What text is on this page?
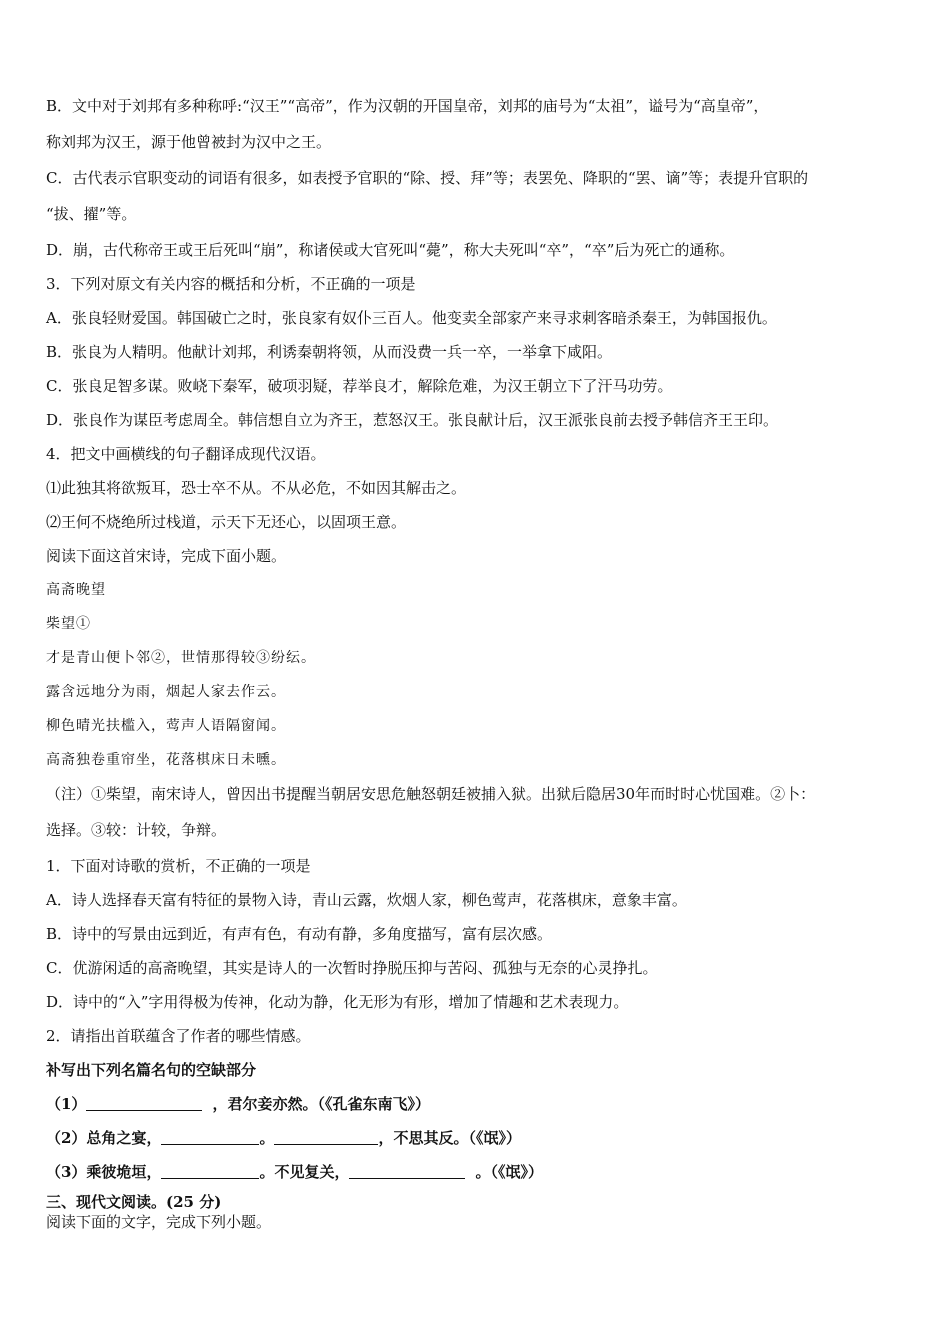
B．文中对于刘邦有多种称呼:“汉王”“高帝”，作为汉朝的开国皇帝，刘邦的庙号为“太祖”，谥号为“高皇帝”，

称刘邦为汉王，源于他曾被封为汉中之王。

C．古代表示官职变动的词语有很多，如表授予官职的“除、授、拜”等；表罢免、降职的“罢、谪”等；表提升官职的

“拔、擢”等。

D．崩，古代称帝王或王后死叫“崩”，称诸侯或大官死叫“薨”，称大夫死叫“卒”，“卒”后为死亡的通称。

3．下列对原文有关内容的概括和分析，不正确的一项是

A．张良轻财爱国。韩国破亡之时，张良家有奴仆三百人。他变卖全部家产来寻求刺客暗杀秦王，为韩国报仇。

B．张良为人精明。他献计刘邦，利诱秦朝将领，从而没费一兵一卒，一举拿下咸阳。

C．张良足智多谋。败峣下秦军，破项羽疑，荐举良才，解除危难，为汉王朝立下了汗马功劳。

D．张良作为谋臣考虑周全。韩信想自立为齐王，惹怒汉王。张良献计后，汉王派张良前去授予韩信齐王王印。

4．把文中画横线的句子翻译成现代汉语。

⑴此独其将欲叛耳，恐士卒不从。不从必危，不如因其解击之。

⑵王何不烧绝所过栈道，示天下无还心，以固项王意。

阅读下面这首宋诗，完成下面小题。

高斋晚望

柴望①

才是青山便卜邻②，世情那得较③纷纭。

露含远地分为雨，烟起人家去作云。

柳色晴光扶槛入，莺声人语隔窗闻。

高斋独卷重帘坐，花落棋床日未曛。

（注）①柴望，南宋诗人，曾因出书提醒当朝居安思危触怒朝廷被捕入狱。出狱后隐居30年而时时心忧国难。②卜：

选择。③较：计较，争辩。

1．下面对诗歌的赏析，不正确的一项是

A．诗人选择春天富有特征的景物入诗，青山云露，炊烟人家，柳色莺声，花落棋床，意象丰富。

B．诗中的写景由远到近，有声有色，有动有静，多角度描写，富有层次感。

C．优游闲适的高斋晚望，其实是诗人的一次暂时挣脱压抑与苦闷、孤独与无奈的心灵挣扎。

D．诗中的“入”字用得极为传神，化动为静，化无形为有形，增加了情趣和艺术表现力。

2．请指出首联蕴含了作者的哪些情感。

补写出下列名篇名句的空缺部分

（1）	，君尔妾亦然。（《孔雀东南飞》）

（2）总角之宴，	。	，不思其反。（《氓》）

（3）乘彼垝垣，	。不见复关，	。（《氓》）

三、现代文阅读。(25 分)

阅读下面的文字，完成下列小题。
